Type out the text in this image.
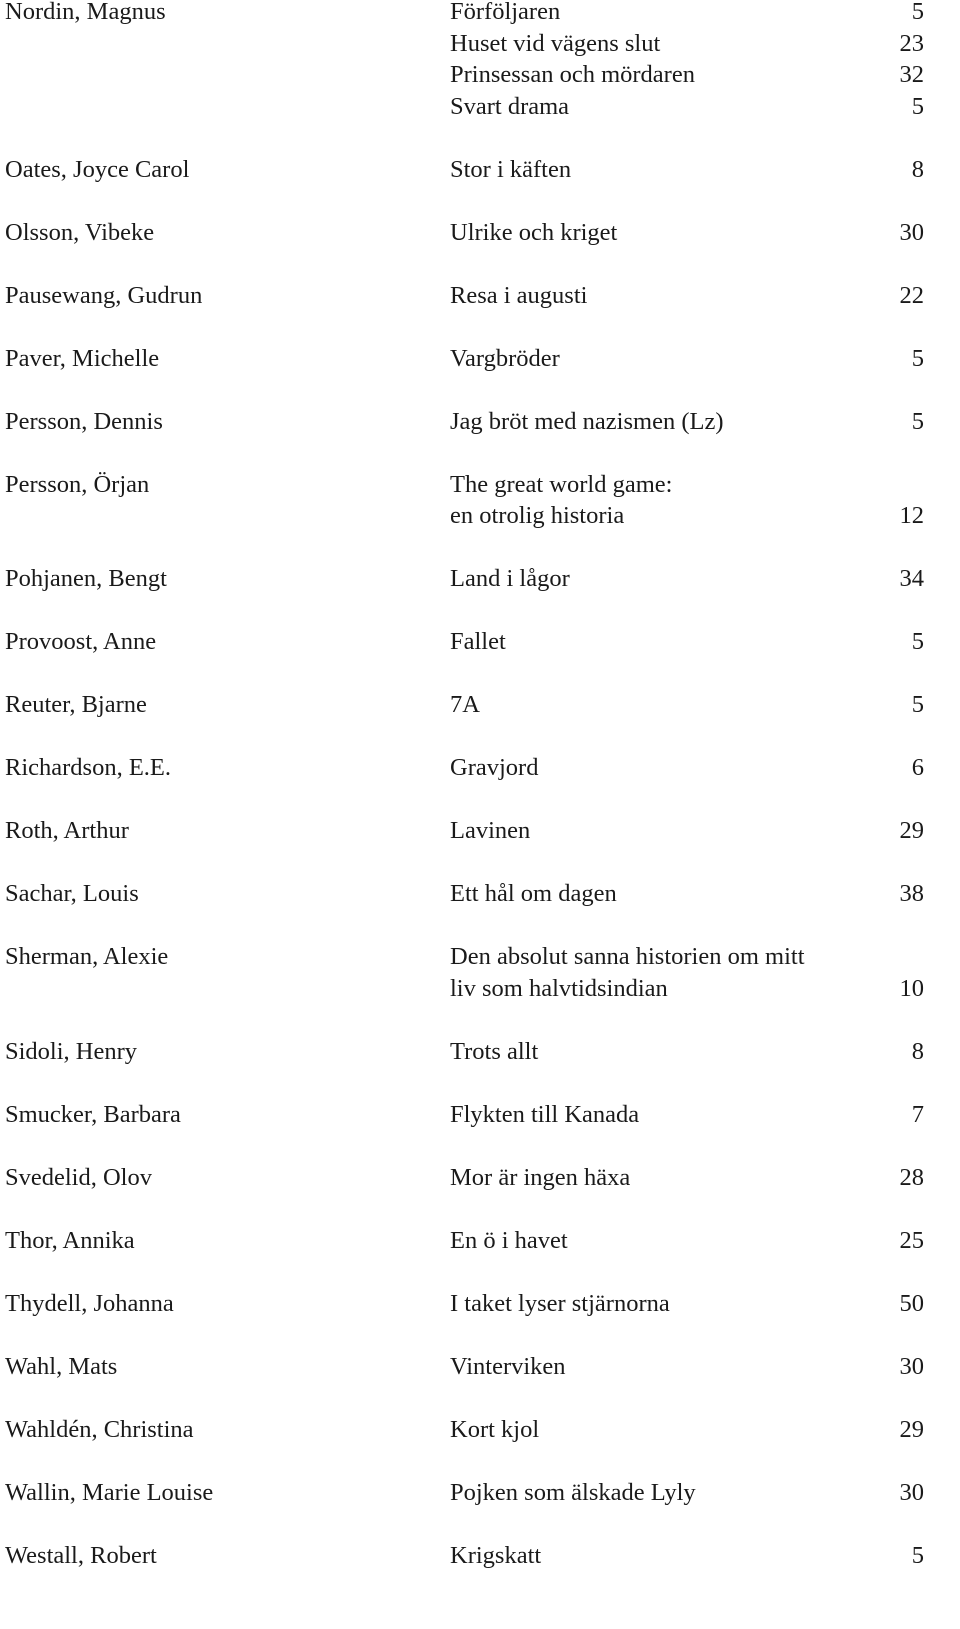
Nordin, Magnus	Förföljaren	5
Huset vid vägens slut	23
Prinsessan och mördaren	32
Svart drama	5
Oates, Joyce Carol	Stor i käften	8
Olsson, Vibeke	Ulrike och kriget	30
Pausewang, Gudrun	Resa i augusti	22
Paver, Michelle	Vargbröder	5
Persson, Dennis	Jag bröt med nazismen (Lz)	5
Persson, Örjan	The great world game:
en otrolig historia	12
Pohjanen, Bengt	Land i lågor	34
Provoost, Anne	Fallet	5
Reuter, Bjarne	7A	5
Richardson, E.E.	Gravjord	6
Roth, Arthur	Lavinen	29
Sachar, Louis	Ett hål om dagen	38
Sherman, Alexie	Den absolut sanna historien om mitt
liv som halvtidsindian	10
Sidoli, Henry	Trots allt	8
Smucker, Barbara	Flykten till Kanada	7
Svedelid, Olov	Mor är ingen häxa	28
Thor, Annika	En ö i havet	25
Thydell, Johanna	I taket lyser stjärnorna	50
Wahl, Mats	Vinterviken	30
Wahldén, Christina	Kort kjol	29
Wallin, Marie Louise	Pojken som älskade Lyly	30
Westall, Robert	Krigskatt	5
